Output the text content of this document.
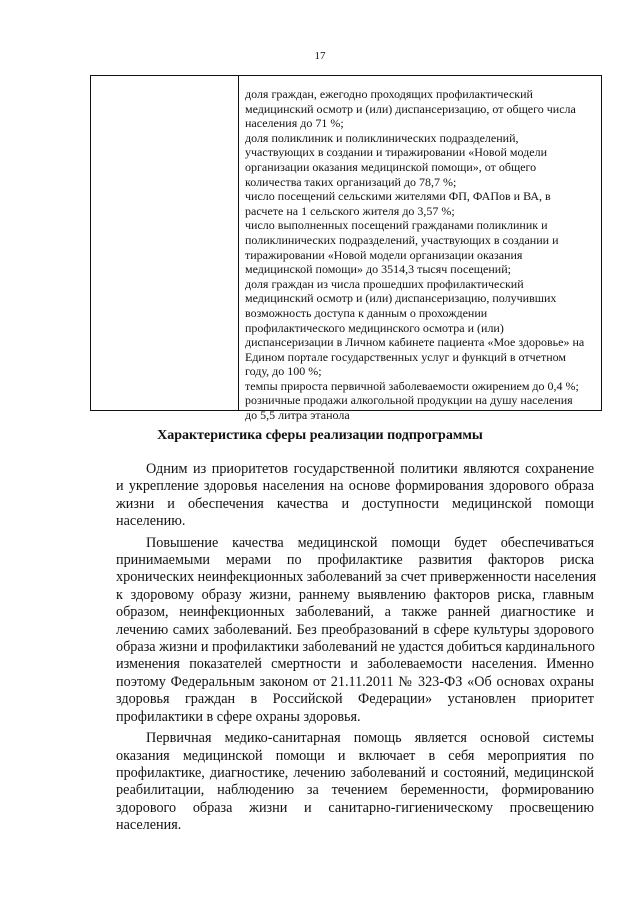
17
доля граждан, ежегодно проходящих профилактический
медицинский осмотр и (или) диспансеризацию, от общего числа
населения до 71 %;
доля поликлиник и поликлинических подразделений,
участвующих в создании и тиражировании «Новой модели
организации оказания медицинской помощи», от общего
количества таких организаций до 78,7 %;
число посещений сельскими жителями ФП, ФАПов и ВА, в
расчете на 1 сельского жителя до 3,57 %;
число выполненных посещений гражданами поликлиник и
поликлинических подразделений, участвующих в создании и
тиражировании «Новой модели организации оказания
медицинской помощи» до 3514,3 тысяч посещений;
доля граждан из числа прошедших профилактический
медицинский осмотр и (или) диспансеризацию, получивших
возможность доступа к данным о прохождении
профилактического медицинского осмотра и (или)
диспансеризации в Личном кабинете пациента «Мое здоровье» на
Едином портале государственных услуг и функций в отчетном
году, до 100 %;
темпы прироста первичной заболеваемости ожирением до 0,4 %;
розничные продажи алкогольной продукции на душу населения
до 5,5 литра этанола
Характеристика сферы реализации подпрограммы
Одним из приоритетов государственной политики являются сохранение
и укрепление здоровья населения на основе формирования здорового образа
жизни и обеспечения качества и доступности медицинской помощи
населению.
Повышение качества медицинской помощи будет обеспечиваться
принимаемыми мерами по профилактике развития факторов риска
хронических неинфекционных заболеваний за счет приверженности населения
к здоровому образу жизни, раннему выявлению факторов риска, главным
образом, неинфекционных заболеваний, а также ранней диагностике и
лечению самих заболеваний. Без преобразований в сфере культуры здорового
образа жизни и профилактики заболеваний не удастся добиться кардинального
изменения показателей смертности и заболеваемости населения. Именно
поэтому Федеральным законом от 21.11.2011 № 323-ФЗ «Об основах охраны
здоровья граждан в Российской Федерации» установлен приоритет
профилактики в сфере охраны здоровья.
Первичная медико-санитарная помощь является основой системы
оказания медицинской помощи и включает в себя мероприятия по
профилактике, диагностике, лечению заболеваний и состояний, медицинской
реабилитации, наблюдению за течением беременности, формированию
здорового образа жизни и санитарно-гигиеническому просвещению
населения.
